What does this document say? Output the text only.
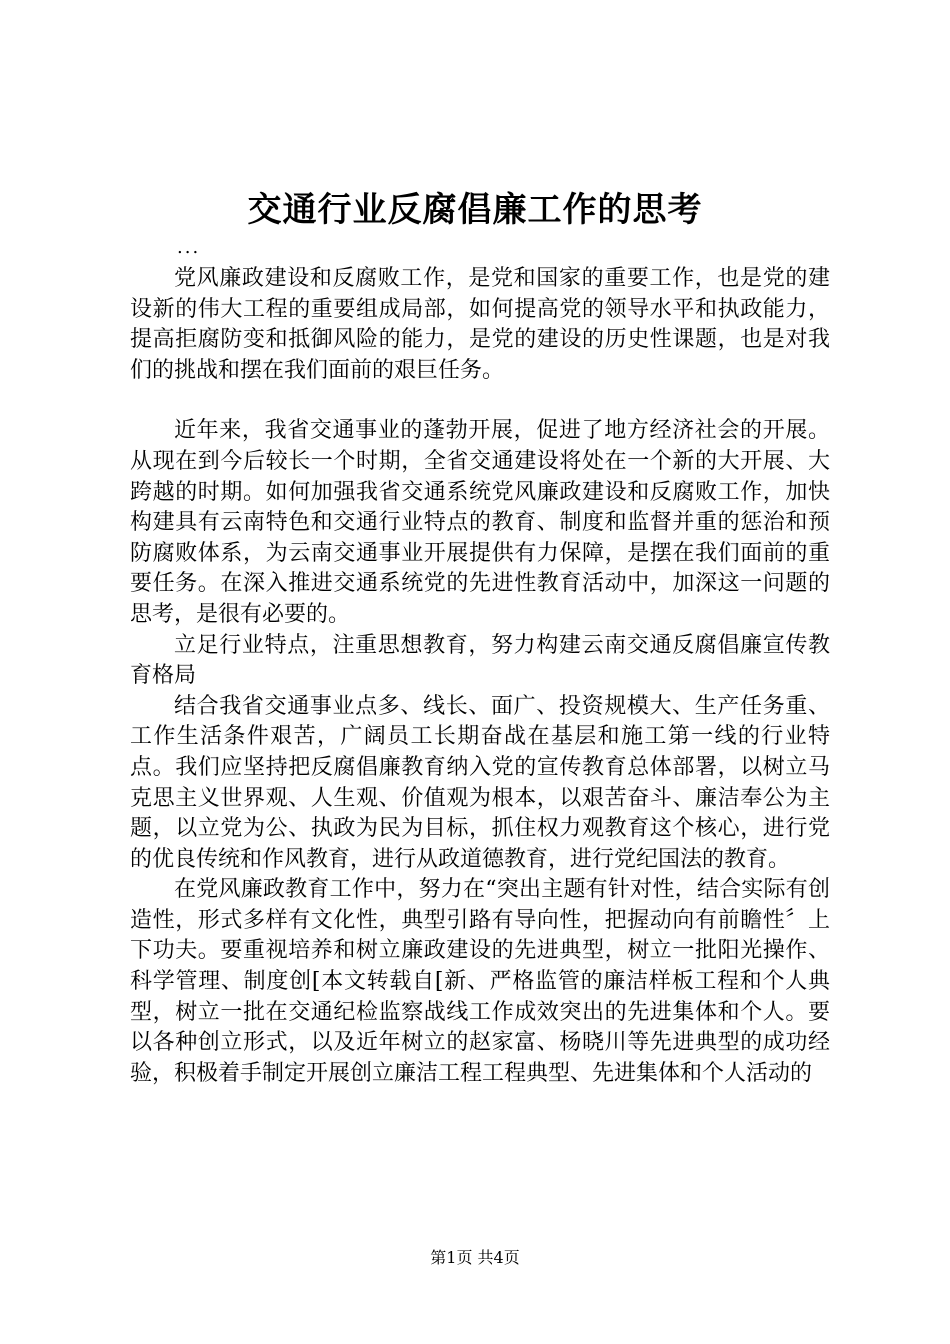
交通行业反腐倡廉工作的思考
...

党风廉政建设和反腐败工作，是党和国家的重要工作，也是党的建设新的伟大工程的重要组成局部，如何提高党的领导水平和执政能力，提高拒腐防变和抵御风险的能力，是党的建设的历史性课题，也是对我们的挑战和摆在我们面前的艰巨任务。

近年来，我省交通事业的蓬勃开展，促进了地方经济社会的开展。从现在到今后较长一个时期，全省交通建设将处在一个新的大开展、大跨越的时期。如何加强我省交通系统党风廉政建设和反腐败工作，加快构建具有云南特色和交通行业特点的教育、制度和监督并重的惩治和预防腐败体系，为云南交通事业开展提供有力保障，是摆在我们面前的重要任务。在深入推进交通系统党的先进性教育活动中，加深这一问题的思考，是很有必要的。

立足行业特点，注重思想教育，努力构建云南交通反腐倡廉宣传教育格局

结合我省交通事业点多、线长、面广、投资规模大、生产任务重、工作生活条件艰苦，广阔员工长期奋战在基层和施工第一线的行业特点。我们应坚持把反腐倡廉教育纳入党的宣传教育总体部署，以树立马克思主义世界观、人生观、价值观为根本，以艰苦奋斗、廉洁奉公为主题，以立党为公、执政为民为目标，抓住权力观教育这个核心，进行党的优良传统和作风教育，进行从政道德教育，进行党纪国法的教育。

在党风廉政教育工作中，努力在“突出主题有针对性，结合实际有创造性，形式多样有文化性，典型引路有导向性，把握动向有前瞻性〞上下功夫。要重视培养和树立廉政建设的先进典型，树立一批阳光操作、科学管理、制度创[本文转载自[新、严格监管的廉洁样板工程和个人典型，树立一批在交通纪检监察战线工作成效突出的先进集体和个人。要以各种创立形式，以及近年树立的赵家富、杨晓川等先进典型的成功经验，积极着手制定开展创立廉洁工程工程典型、先进集体和个人活动的

第1页 共4页
